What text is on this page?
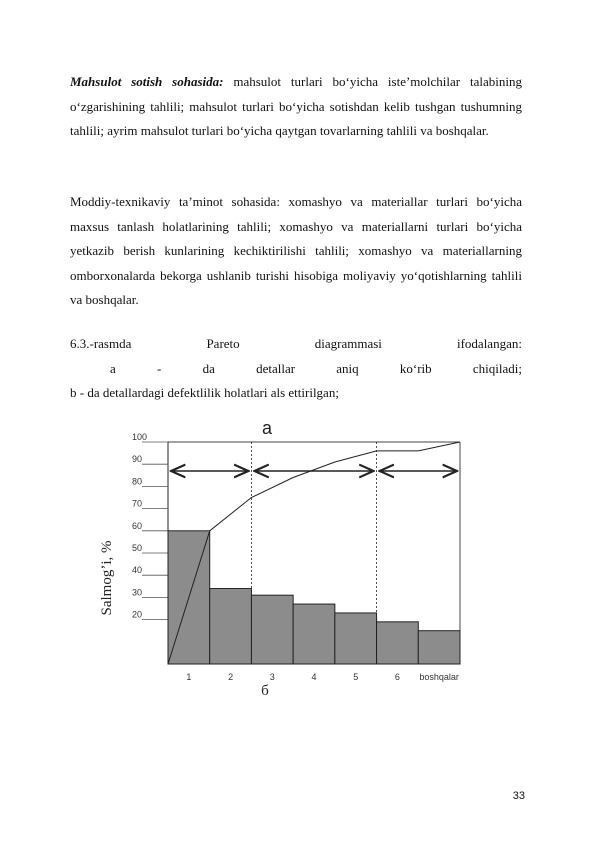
Mahsulot sotish sohasida: mahsulot turlari bo‘yicha iste’molchilar talabining o‘zgarishining tahlili; mahsulot turlari bo‘yicha sotishdan kelib tushgan tushumning tahlili; ayrim mahsulot turlari bo‘yicha qaytgan tovarlarning tahlili va boshqalar.

Moddiy-texnikaviy ta’minot sohasida: xomashyo va materiallar turlari bo‘yicha maxsus tanlash holatlarining tahlili; xomashyo va materiallarni turlari bo‘yicha yetkazib berish kunlarining kechiktirilishi tahlili; xomashyo va materiallarning omborxonalarda bekorga ushlanib turishi hisobiga moliyaviy yo‘qotishlarning tahlili va boshqalar.

6.3.-rasmda	Pareto	diagrammasi	ifodalangan:
a	-	da	detallar	aniq	ko‘rib	chiqiladi;
b - da detallardagi defektlilik holatlari als ettirilgan;
a
20
30
40
50
60
70
80
90
100
Salmog’i, %
1	2	3	4	5	6 boshqalar
б
33
